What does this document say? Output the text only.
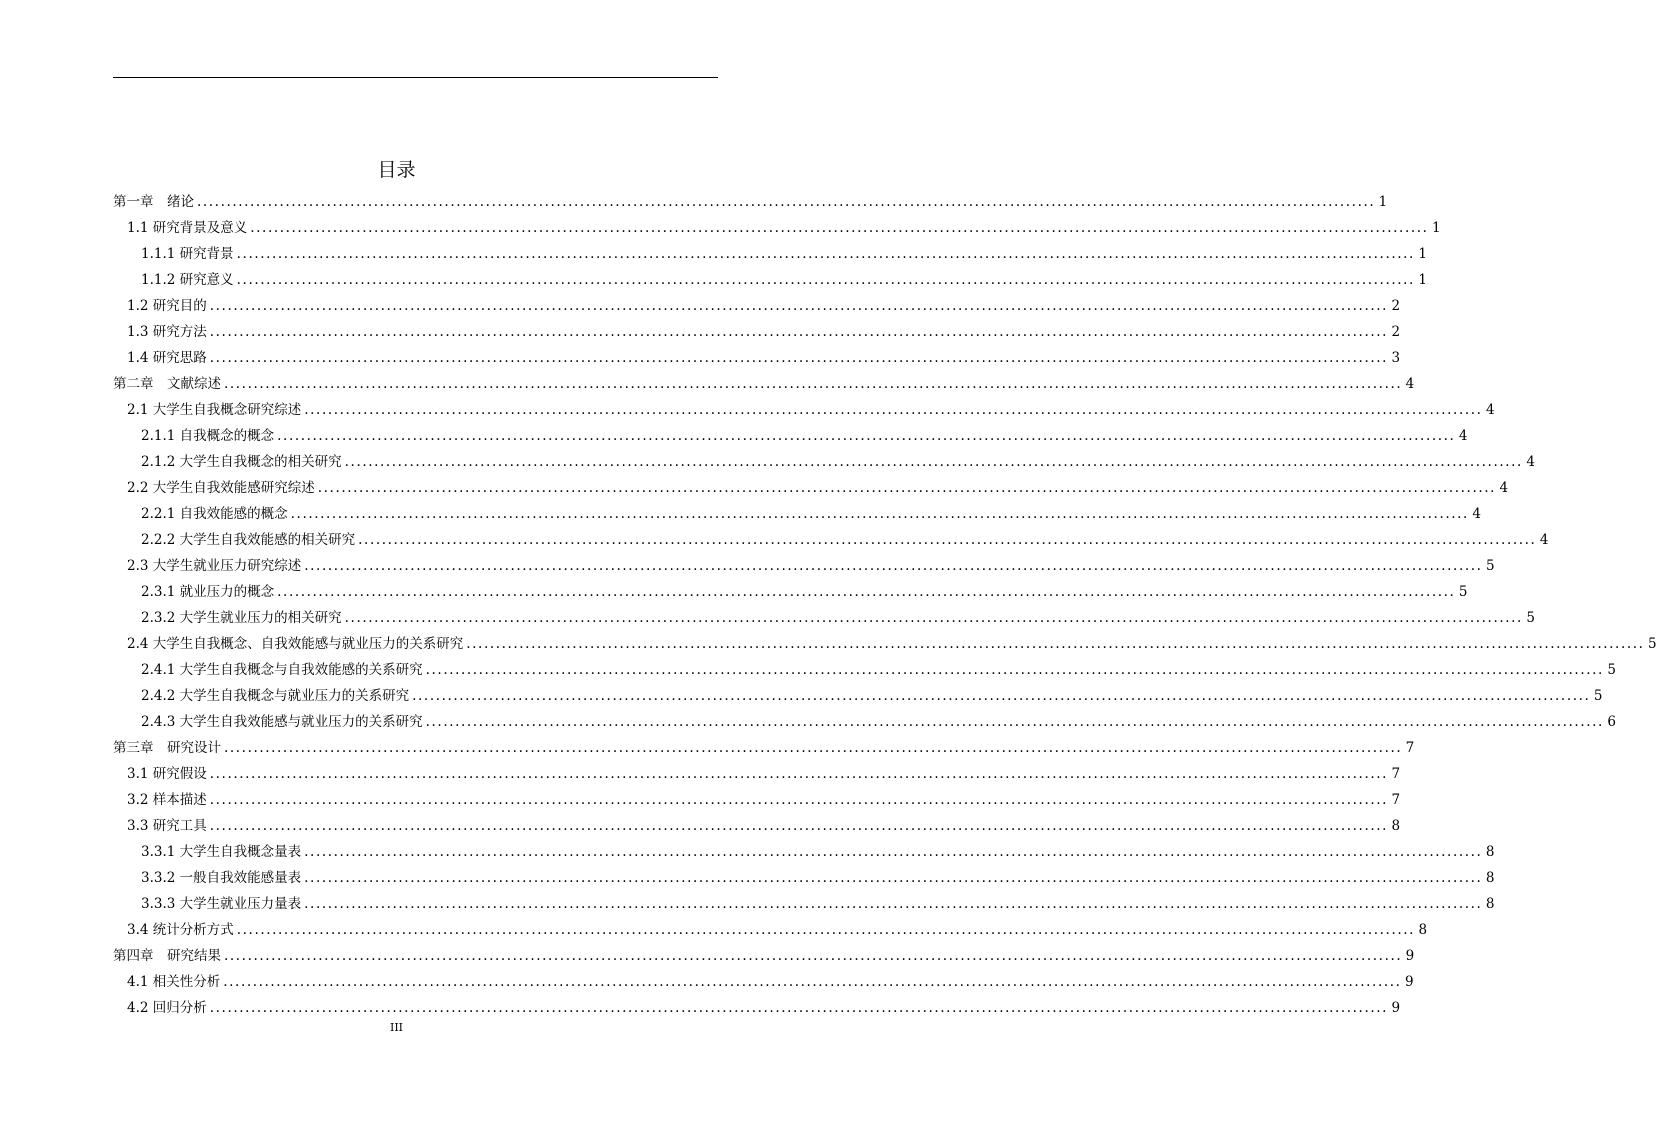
目录
第一章　绪论 ........................................................................................................................................................................................................ 1
1.1 研究背景及意义 ........................................................................................................................................................................................................ 1
1.1.1 研究背景 ........................................................................................................................................................................................................ 1
1.1.2 研究意义 ........................................................................................................................................................................................................ 1
1.2 研究目的 ........................................................................................................................................................................................................ 2
1.3 研究方法 ........................................................................................................................................................................................................ 2
1.4 研究思路 ........................................................................................................................................................................................................ 3
第二章　文献综述 ........................................................................................................................................................................................................ 4
2.1 大学生自我概念研究综述 ........................................................................................................................................................................................................ 4
2.1.1 自我概念的概念 ........................................................................................................................................................................................................ 4
2.1.2 大学生自我概念的相关研究 ........................................................................................................................................................................................................ 4
2.2 大学生自我效能感研究综述 ........................................................................................................................................................................................................ 4
2.2.1 自我效能感的概念 ........................................................................................................................................................................................................ 4
2.2.2 大学生自我效能感的相关研究 ........................................................................................................................................................................................................ 4
2.3 大学生就业压力研究综述 ........................................................................................................................................................................................................ 5
2.3.1 就业压力的概念 ........................................................................................................................................................................................................ 5
2.3.2 大学生就业压力的相关研究 ........................................................................................................................................................................................................ 5
2.4 大学生自我概念、自我效能感与就业压力的关系研究 ........................................................................................................................................................................................................ 5
2.4.1 大学生自我概念与自我效能感的关系研究 ........................................................................................................................................................................................................ 5
2.4.2 大学生自我概念与就业压力的关系研究 ........................................................................................................................................................................................................ 5
2.4.3 大学生自我效能感与就业压力的关系研究 ........................................................................................................................................................................................................ 6
第三章　研究设计 ........................................................................................................................................................................................................ 7
3.1 研究假设 ........................................................................................................................................................................................................ 7
3.2 样本描述 ........................................................................................................................................................................................................ 7
3.3 研究工具 ........................................................................................................................................................................................................ 8
3.3.1 大学生自我概念量表 ........................................................................................................................................................................................................ 8
3.3.2 一般自我效能感量表 ........................................................................................................................................................................................................ 8
3.3.3 大学生就业压力量表 ........................................................................................................................................................................................................ 8
3.4 统计分析方式 ........................................................................................................................................................................................................ 8
第四章　研究结果 ........................................................................................................................................................................................................ 9
4.1 相关性分析 ........................................................................................................................................................................................................ 9
4.2 回归分析 ........................................................................................................................................................................................................ 9
III
